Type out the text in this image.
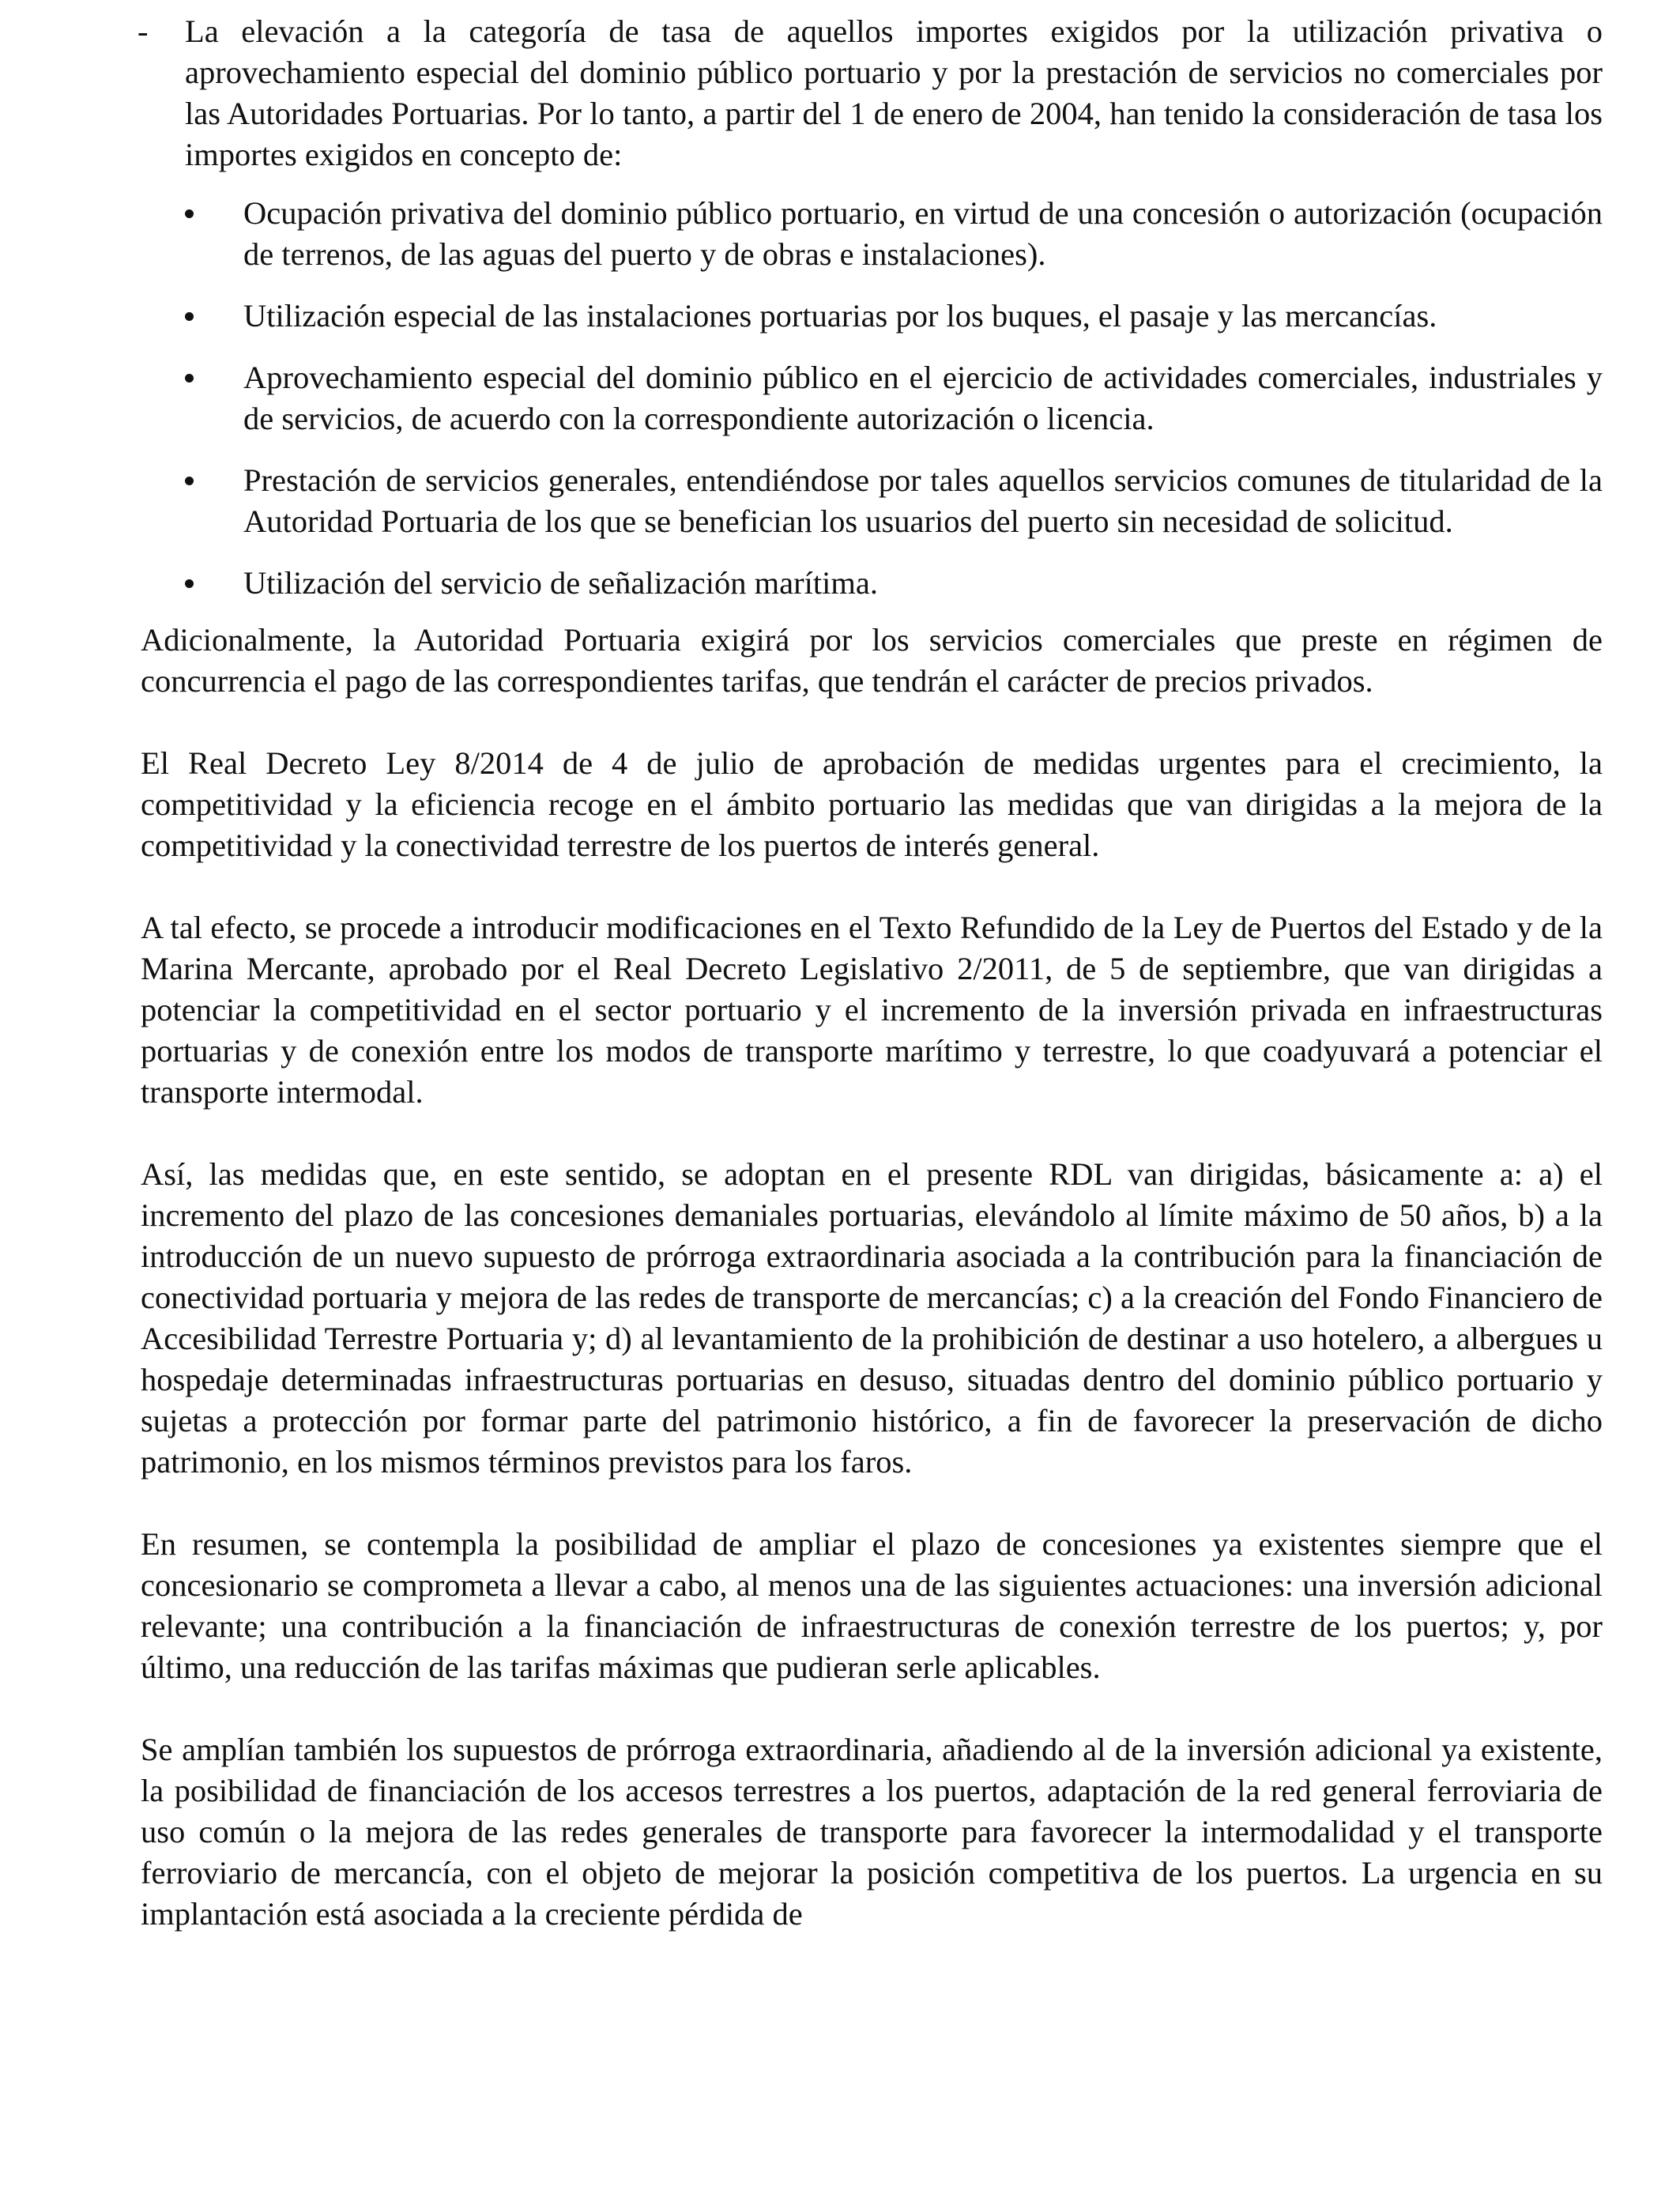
- La elevación a la categoría de tasa de aquellos importes exigidos por la utilización privativa o aprovechamiento especial del dominio público portuario y por la prestación de servicios no comerciales por las Autoridades Portuarias. Por lo tanto, a partir del 1 de enero de 2004, han tenido la consideración de tasa los importes exigidos en concepto de:

Ocupación privativa del dominio público portuario, en virtud de una concesión o autorización (ocupación de terrenos, de las aguas del puerto y de obras e instalaciones).
Utilización especial de las instalaciones portuarias por los buques, el pasaje y las mercancías.
Aprovechamiento especial del dominio público en el ejercicio de actividades comerciales, industriales y de servicios, de acuerdo con la correspondiente autorización o licencia.
Prestación de servicios generales, entendiéndose por tales aquellos servicios comunes de titularidad de la Autoridad Portuaria de los que se benefician los usuarios del puerto sin necesidad de solicitud.
Utilización del servicio de señalización marítima.

Adicionalmente, la Autoridad Portuaria exigirá por los servicios comerciales que preste en régimen de concurrencia el pago de las correspondientes tarifas, que tendrán el carácter de precios privados.

El Real Decreto Ley 8/2014 de 4 de julio de aprobación de medidas urgentes para el crecimiento, la competitividad y la eficiencia recoge en el ámbito portuario las medidas que van dirigidas a la mejora de la competitividad y la conectividad terrestre de los puertos de interés general.

A tal efecto, se procede a introducir modificaciones en el Texto Refundido de la Ley de Puertos del Estado y de la Marina Mercante, aprobado por el Real Decreto Legislativo 2/2011, de 5 de septiembre, que van dirigidas a potenciar la competitividad en el sector portuario y el incremento de la inversión privada en infraestructuras portuarias y de conexión entre los modos de transporte marítimo y terrestre, lo que coadyuvará a potenciar el transporte intermodal.

Así, las medidas que, en este sentido, se adoptan en el presente RDL van dirigidas, básicamente a: a) el incremento del plazo de las concesiones demaniales portuarias, elevándolo al límite máximo de 50 años, b) a la introducción de un nuevo supuesto de prórroga extraordinaria asociada a la contribución para la financiación de conectividad portuaria y mejora de las redes de transporte de mercancías; c) a la creación del Fondo Financiero de Accesibilidad Terrestre Portuaria y; d) al levantamiento de la prohibición de destinar a uso hotelero, a albergues u hospedaje determinadas infraestructuras portuarias en desuso, situadas dentro del dominio público portuario y sujetas a protección por formar parte del patrimonio histórico, a fin de favorecer la preservación de dicho patrimonio, en los mismos términos previstos para los faros.

En resumen, se contempla la posibilidad de ampliar el plazo de concesiones ya existentes siempre que el concesionario se comprometa a llevar a cabo, al menos una de las siguientes actuaciones: una inversión adicional relevante; una contribución a la financiación de infraestructuras de conexión terrestre de los puertos; y, por último, una reducción de las tarifas máximas que pudieran serle aplicables.

Se amplían también los supuestos de prórroga extraordinaria, añadiendo al de la inversión adicional ya existente, la posibilidad de financiación de los accesos terrestres a los puertos, adaptación de la red general ferroviaria de uso común o la mejora de las redes generales de transporte para favorecer la intermodalidad y el transporte ferroviario de mercancía, con el objeto de mejorar la posición competitiva de los puertos. La urgencia en su implantación está asociada a la creciente pérdida de
